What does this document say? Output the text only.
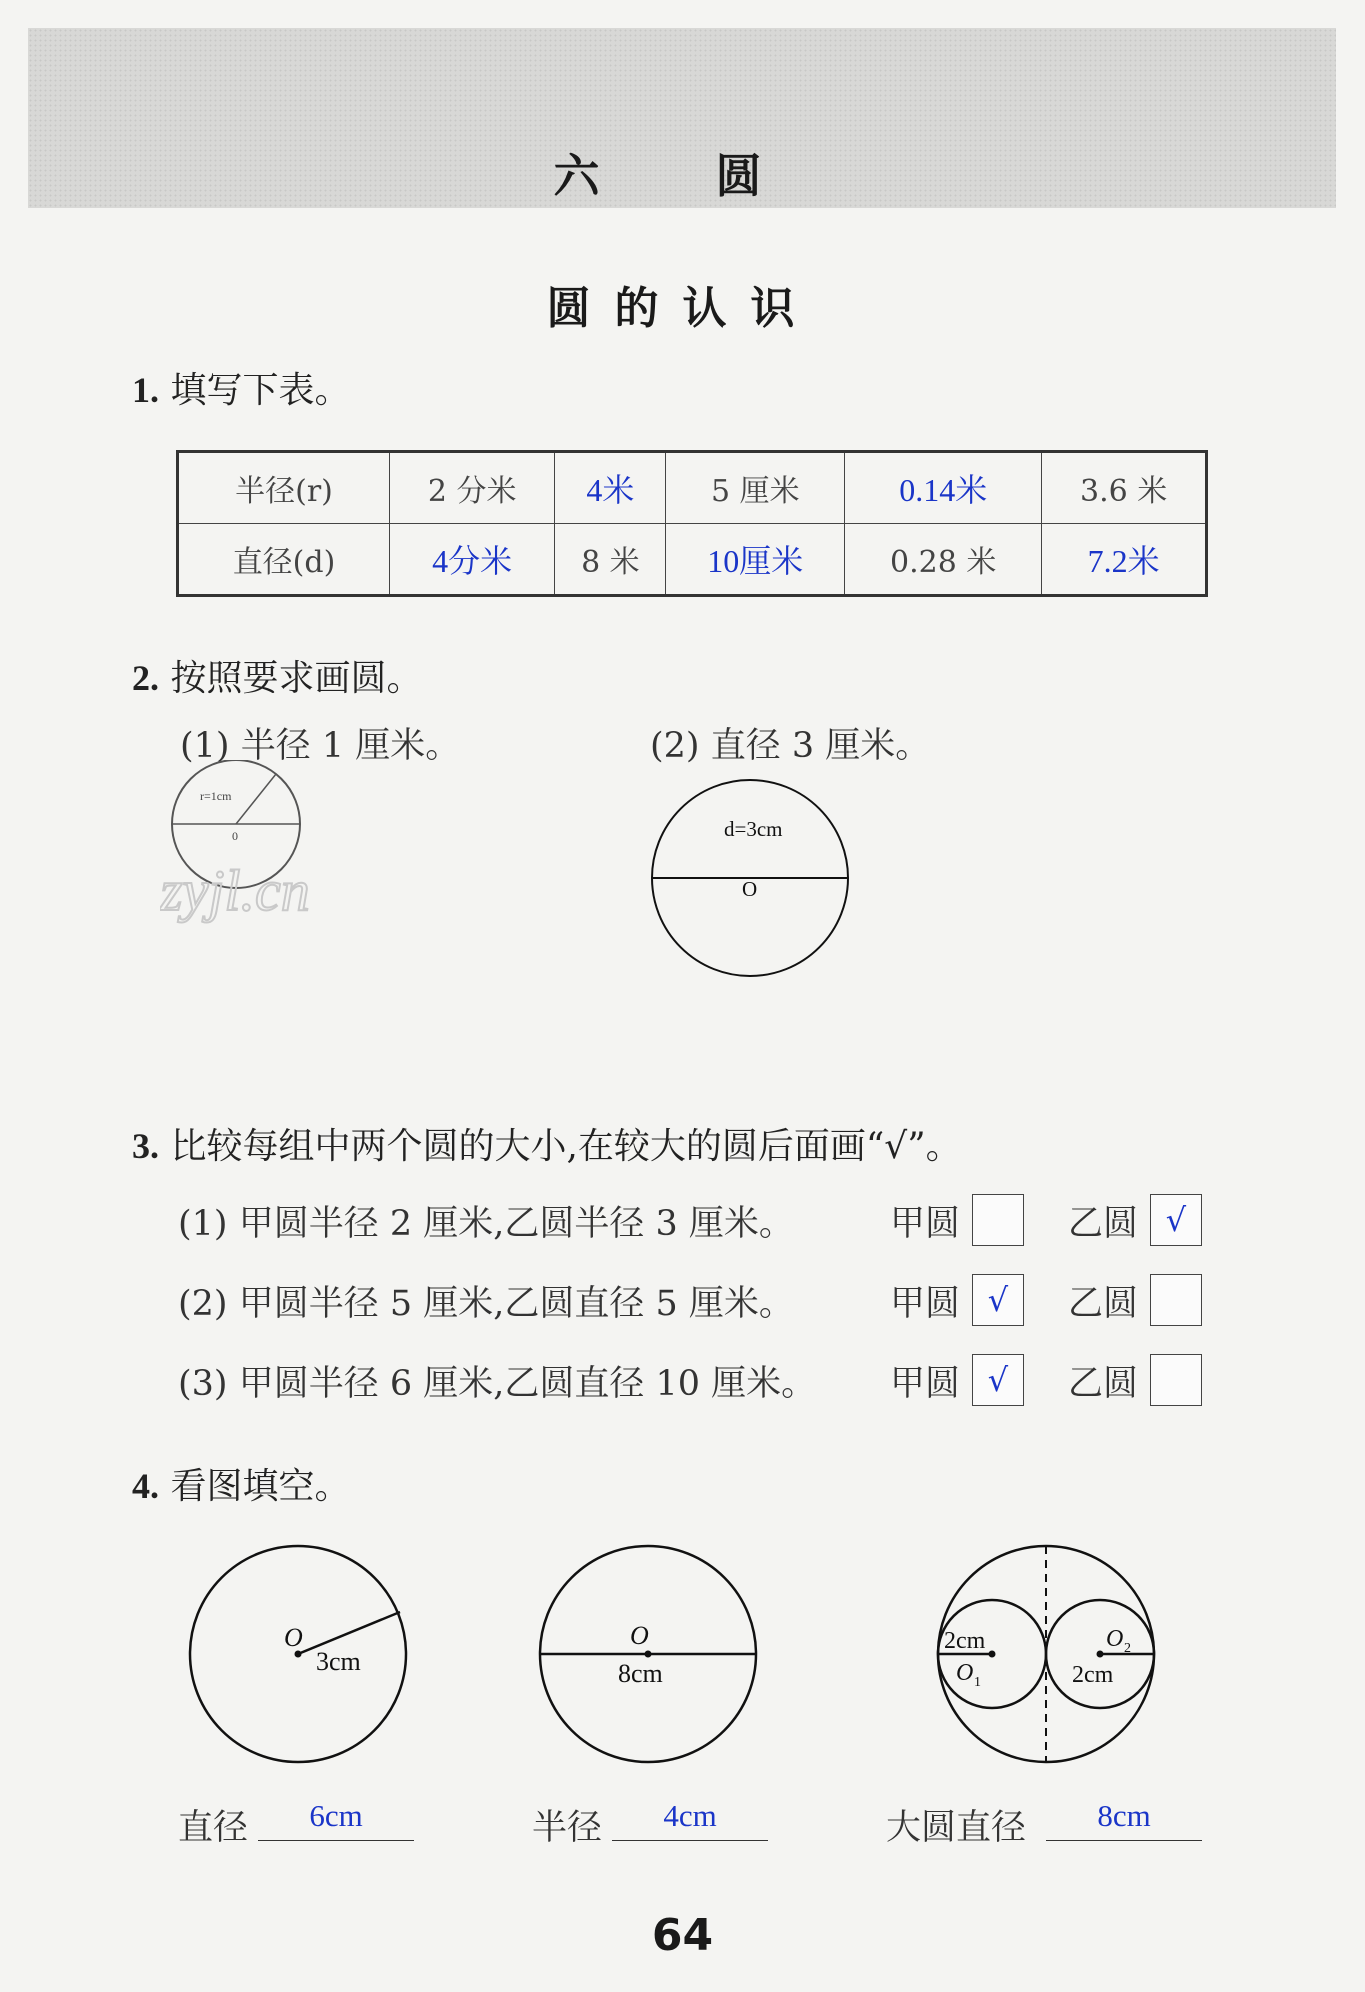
六 圆
圆的认识
1. 填写下表。
半径(r)	2 分米	4米	5 厘米	0.14米	3.6 米
直径(d)	4分米	8 米	10厘米	0.28 米	7.2米
2. 按照要求画圆。
(1) 半径 1 厘米。	(2) 直径 3 厘米。
r=1cm
0
zyjl.cn
d=3cm
O
3. 比较每组中两个圆的大小,在较大的圆后面画“√”。
(1) 甲圆半径 2 厘米,乙圆半径 3 厘米。	甲圆	乙圆 √
(2) 甲圆半径 5 厘米,乙圆直径 5 厘米。	甲圆 √	乙圆
(3) 甲圆半径 6 厘米,乙圆直径 10 厘米。 甲圆 √	乙圆
4. 看图填空。
O
3cm
O
8cm
2cm
O 1
O 2
2cm
直径	6cm	半径	4cm	大圆直径	8cm
64
